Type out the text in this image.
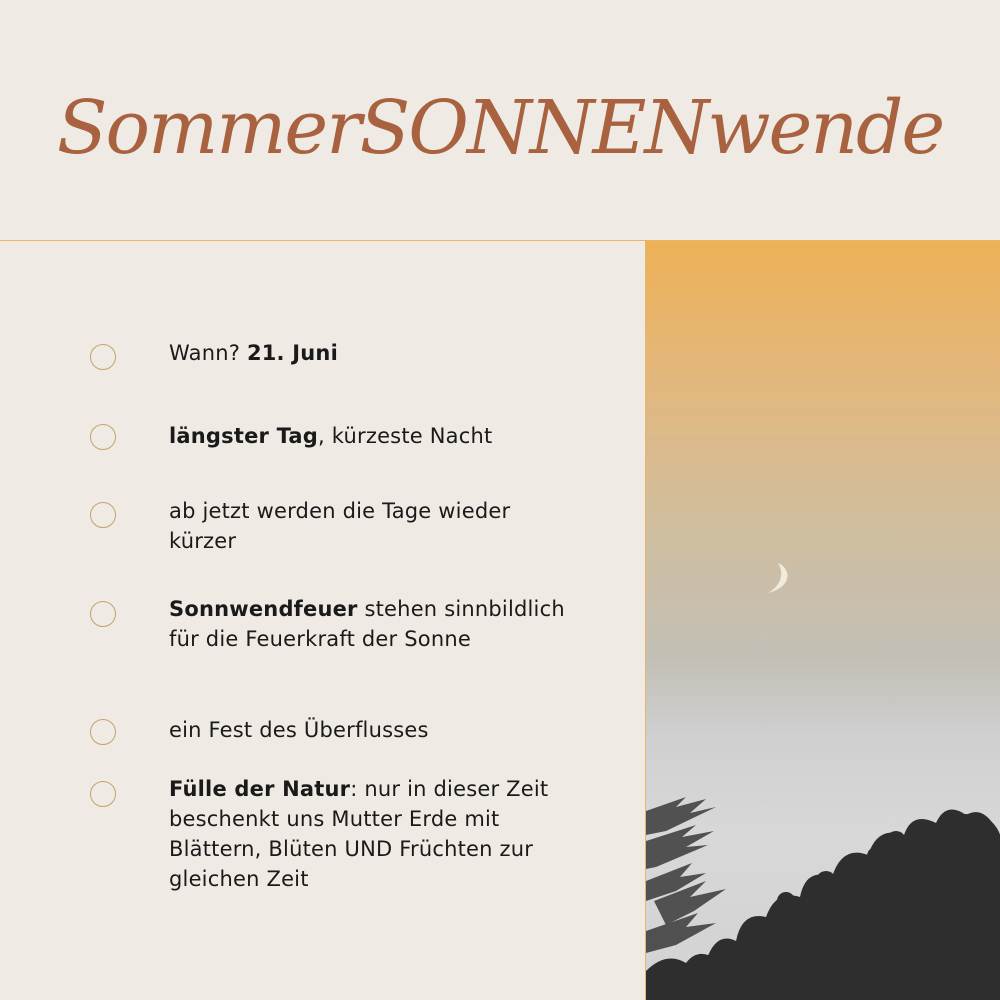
SommerSONNENwende
Wann? 21. Juni
längster Tag, kürzeste Nacht
ab jetzt werden die Tage wieder kürzer
Sonnwendfeuer stehen sinnbildlich für die Feuerkraft der Sonne
ein Fest des Überflusses
Fülle der Natur: nur in dieser Zeit beschenkt uns Mutter Erde mit Blättern, Blüten UND Früchten zur gleichen Zeit
